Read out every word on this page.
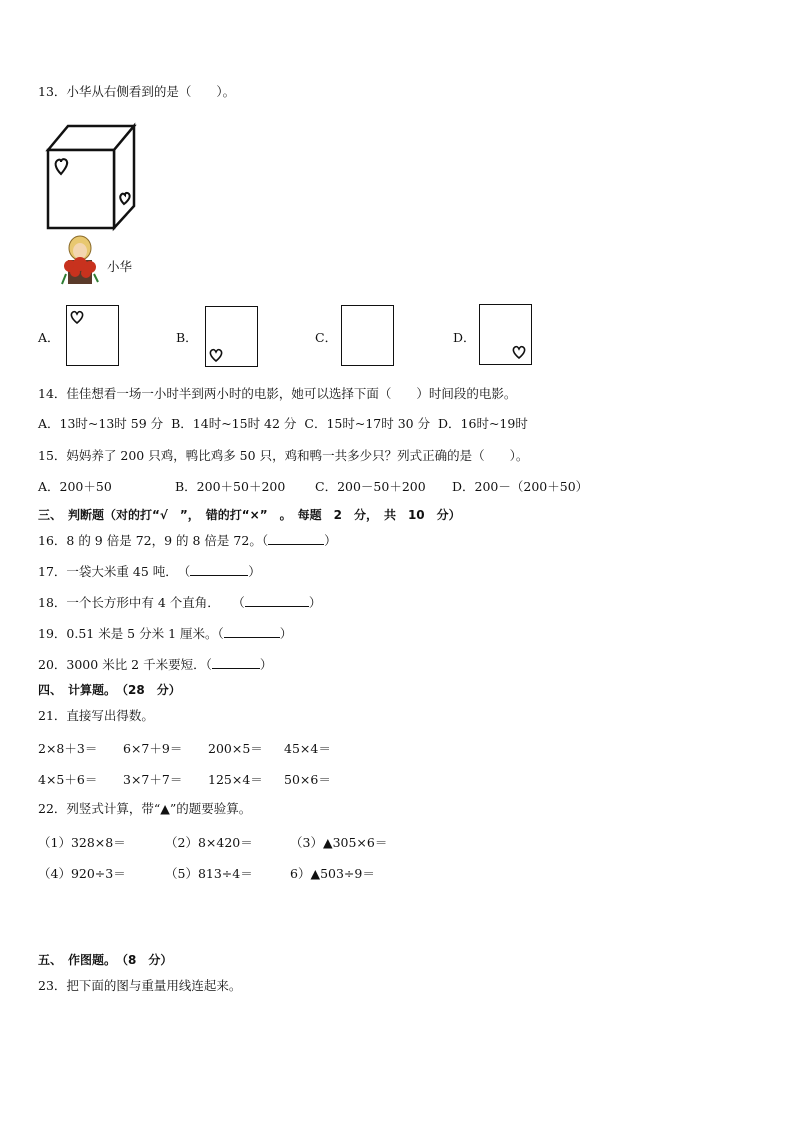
13．小华从右侧看到的是（　　）。
小华
A．	B．	C．	D．
14．佳佳想看一场一小时半到两小时的电影，她可以选择下面（　　）时间段的电影。
A．13时~13时 59 分  B．14时~15时 42 分  C．15时~17时 30 分  D．16时~19时
15．妈妈养了 200 只鸡，鸭比鸡多 50 只，鸡和鸭一共多少只？列式正确的是（　　）。
A．200＋50	B．200＋50＋200 C．200－50＋200 D．200－（200＋50）
三、　判断题（对的打“√　”，　错的打“×”　。　每题　2　分，　共　10　分）
16．8 的 9 倍是 72，9 的 8 倍是 72。（	）
17．一袋大米重 45 吨．　（	）
18．一个长方形中有 4 个直角．　　（	）
19．0.51 米是 5 分米 1 厘米。（	）
20．3000 米比 2 千米要短．（	）
四、　计算题。　（28　分）
21．直接写出得数。
2×8＋3＝ 6×7＋9＝ 200×5＝ 45×4＝
4×5＋6＝ 3×7＋7＝ 125×4＝ 50×6＝
22．列竖式计算，带“▲”的题要验算。
（1）328×8＝	（2）8×420＝	（3）▲305×6＝
（4）920÷3＝	（5）813÷4＝	6）▲503÷9＝
五、　作图题。　（8　分）
23．把下面的图与重量用线连起来。
